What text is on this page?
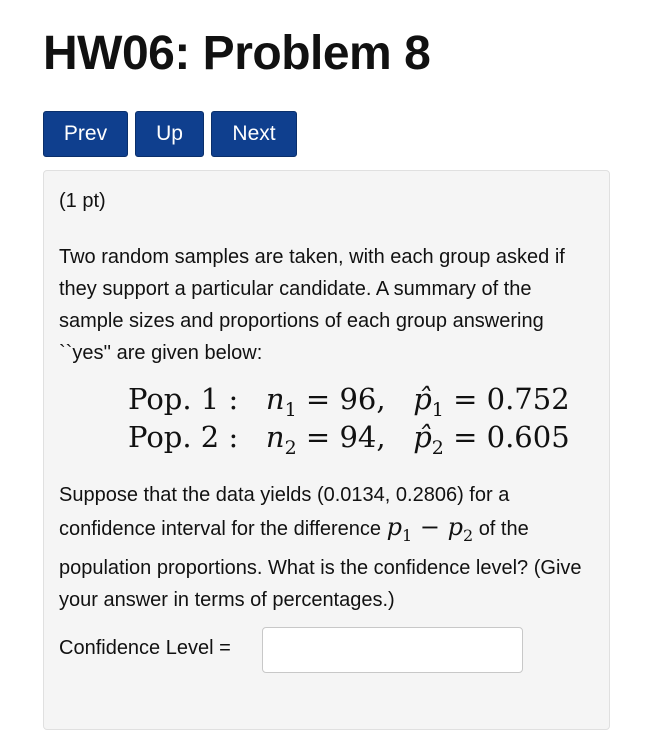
HW06: Problem 8
Prev	Up	Next
(1 pt)
Two random samples are taken, with each group asked if they support a particular candidate. A summary of the sample sizes and proportions of each group answering ``yes'' are given below:
Pop. 1 : $n_1 = 96$,   $p̂_1 = 0.752$
Pop. 2 : $n_2 = 94$,   $p̂_2 = 0.605$
Suppose that the data yields (0.0134, 0.2806) for a confidence interval for the difference $p_1 - p_2$ of the population proportions. What is the confidence level? (Give your answer in terms of percentages.)
Confidence Level =
